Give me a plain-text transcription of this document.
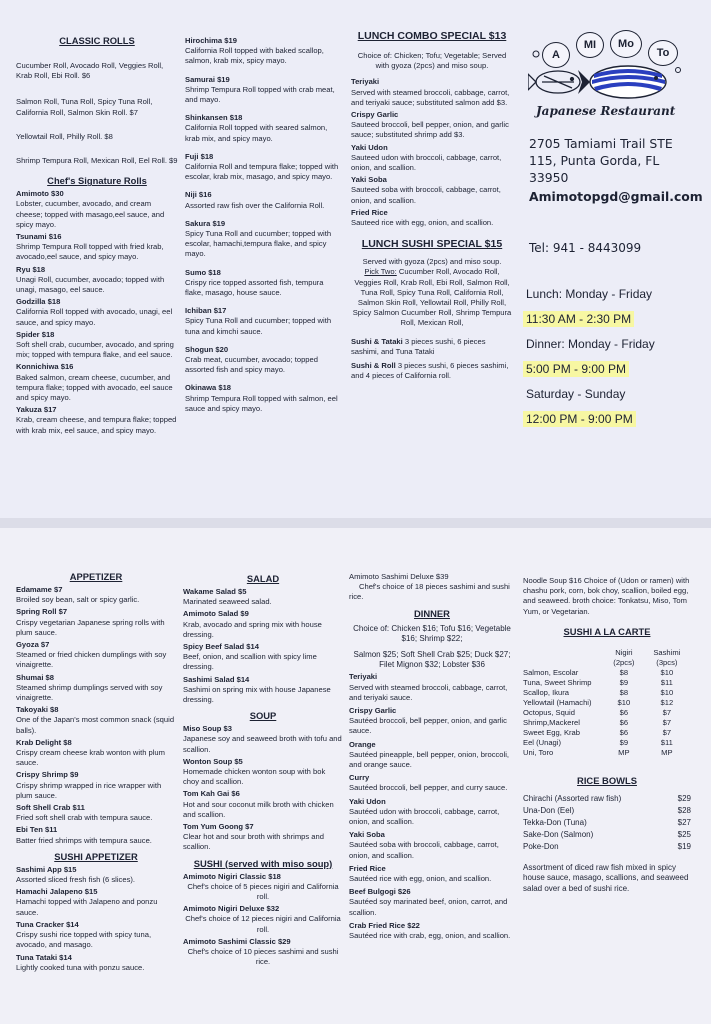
CLASSIC ROLLS

Cucumber Roll, Avocado Roll, Veggies Roll, Krab Roll, Ebi Roll. $6

Salmon Roll, Tuna Roll, Spicy Tuna Roll, California Roll, Salmon Skin Roll. $7

Yellowtail Roll, Philly Roll. $8

Shrimp Tempura Roll, Mexican Roll, Eel Roll. $9

Chef's Signature Rolls
Amimoto $30
Lobster, cucumber, avocado, and cream cheese; topped with masago,eel sauce, and spicy mayo.
Tsunami $16
Shrimp Tempura Roll topped with fried krab, avocado,eel sauce, and spicy mayo.
Ryu $18
Unagi Roll, cucumber, avocado; topped with unagi, masago, eel sauce.
Godzilla $18
California Roll topped with avocado, unagi, eel sauce, and spicy mayo.
Spider $18
Soft shell crab, cucumber, avocado, and spring mix; topped with tempura flake, and eel sauce.
Konnichiwa $16
Baked salmon, cream cheese, cucumber, and tempura flake; topped with avocado, eel sauce and spicy mayo.
Yakuza $17
Krab, cream cheese, and tempura flake; topped with krab mix, eel sauce, and spicy mayo.
Hirochima $19
California Roll topped with baked scallop, salmon, krab mix, spicy mayo.
Samurai $19
Shrimp Tempura Roll topped with crab meat, and mayo.
Shinkansen $18
California Roll topped with seared salmon, krab mix, and spicy mayo.
Fuji $18
California Roll and tempura flake; topped with escolar, krab mix, masago, and spicy mayo.
Niji $16
Assorted raw fish over the California Roll.
Sakura $19
Spicy Tuna Roll and cucumber; topped with escolar, hamachi,tempura flake, and spicy mayo.
Sumo $18
Crispy rice topped assorted fish, tempura flake, masago, house sauce.
Ichiban $17
Spicy Tuna Roll and cucumber; topped with tuna and kimchi sauce.
Shogun $20
Crab meat, cucumber, avocado; topped assorted fish and spicy mayo.
Okinawa $18
Shrimp Tempura Roll topped with salmon, eel sauce and spicy mayo.
LUNCH COMBO SPECIAL $13

Choice of: Chicken; Tofu; Vegetable; Served with gyoza (2pcs) and miso soup.

Teriyaki
Served with steamed broccoli, cabbage, carrot, and teriyaki sauce; substituted salmon add $3.
Crispy Garlic
Sauteed broccoli, bell pepper, onion, and garlic sauce; substituted shrimp add $3.
Yaki Udon
Sauteed udon with broccoli, cabbage, carrot, onion, and scallion.
Yaki Soba
Sauteed soba with broccoli, cabbage, carrot, onion, and scallion.
Fried Rice
Sauteed rice with egg, onion, and scallion.
LUNCH SUSHI SPECIAL $15

Served with gyoza (2pcs) and miso soup.

Pick Two: Cucumber Roll, Avocado Roll, Veggies Roll, Krab Roll, Ebi Roll, Salmon Roll, Tuna Roll, Spicy Tuna Roll, California Roll, Salmon Skin Roll, Yellowtail Roll, Philly Roll, Spicy Salmon Cucumber Roll, Shrimp Tempura Roll, Mexican Roll,

Sushi & Tataki 3 pieces sushi, 6 pieces sashimi, and Tuna Tataki

Sushi & Roll 3 pieces sushi, 6 pieces sashimi, and 4 pieces of California roll.

A
MI	Mo
To
Japanese Restaurant
2705 Tamiami Trail STE
115, Punta Gorda, FL
33950
Amimotopgd@gmail.com
Tel: 941 - 8443099
Lunch: Monday - Friday
11:30 AM - 2:30 PM
Dinner: Monday - Friday
5:00 PM - 9:00 PM
Saturday - Sunday
12:00 PM - 9:00 PM
APPETIZER
Edamame $7
Broiled soy bean, salt or spicy garlic.
Spring Roll $7
Crispy vegetarian Japanese spring rolls with plum sauce.
Gyoza $7
Steamed or fried chicken dumplings with soy vinaigrette.
Shumai $8
Steamed shrimp dumplings served with soy vinaigrette.
Takoyaki $8
One of the Japan's most common snack (squid balls).
Krab Delight $8
Crispy cream cheese krab wonton with plum sauce.
Crispy Shrimp $9
Crispy shrimp wrapped in rice wrapper with plum sauce.
Soft Shell Crab $11
Fried soft shell crab with tempura sauce.
Ebi Ten $11
Batter fried shrimps with tempura sauce.
SUSHI APPETIZER
Sashimi App $15
Assorted sliced fresh fish (6 slices).
Hamachi Jalapeno $15
Hamachi topped with Jalapeno and ponzu sauce.
Tuna Cracker $14
Crispy sushi rice topped with spicy tuna, avocado, and masago.
Tuna Tataki $14
Lightly cooked tuna with ponzu sauce.
SALAD
Wakame Salad $5
Marinated seaweed salad.
Amimoto Salad $9
Krab, avocado and spring mix with house dressing.
Spicy Beef Salad $14
Beef, onion, and scallion with spicy lime dressing.
Sashimi Salad $14
Sashimi on spring mix with house Japanese dressing.
SOUP
Miso Soup $3
Japanese soy and seaweed broth with tofu and scallion.
Wonton Soup $5
Homemade chicken wonton soup with bok choy and scallion.
Tom Kah Gai $6
Hot and sour coconut milk broth with chicken and scallion.
Tom Yum Goong $7
Clear hot and sour broth with shrimps and scallion.
SUSHI (served with miso soup)
Amimoto Nigiri Classic $18
Chef's choice of 5 pieces nigiri and California roll.
Amimoto Nigiri Deluxe $32
Chef's choice of 12 pieces nigiri and California roll.
Amimoto Sashimi Classic $29
Chef's choice of 10 pieces sashimi and sushi rice.

Amimoto Sashimi Deluxe $39

Chef's choice of 18 pieces sashimi and sushi rice.

DINNER

Choice of: Chicken $16; Tofu $16; Vegetable $16; Shrimp $22;

Salmon $25; Soft Shell Crab $25; Duck $27; Filet Mignon $32; Lobster $36

Teriyaki
Served with steamed broccoli, cabbage, carrot, and teriyaki sauce.
Crispy Garlic
Sautéed broccoli, bell pepper, onion, and garlic sauce.
Orange
Sautéed pineapple, bell pepper, onion, broccoli, and orange sauce.
Curry
Sautéed broccoli, bell pepper, and curry sauce.
Yaki Udon
Sautéed udon with broccoli, cabbage, carrot, onion, and scallion.
Yaki Soba
Sautéed soba with broccoli, cabbage, carrot, onion, and scallion.
Fried Rice
Sautéed rice with egg, onion, and scallion.
Beef Bulgogi $26
Sautéed soy marinated beef, onion, carrot, and scallion.
Crab Fried Rice $22
Sautéed rice with crab, egg, onion, and scallion.

Noodle Soup $16 Choice of (Udon or ramen) with chashu pork, corn, bok choy, scallion, boiled egg, and seaweed. broth choice: Tonkatsu, Miso, Tom Yum, or Vegetarian.

SUSHI A LA CARTE
	Nigiri	Sashimi
	(2pcs)	(3pcs)
Salmon, Escolar	$8	$10
Tuna, Sweet Shrimp	$9	$11
Scallop, Ikura	$8	$10
Yellowtail (Hamachi)	$10	$12
Octopus, Squid	$6	$7
Shrimp,Mackerel	$6	$7
Sweet Egg, Krab	$6	$7
Eel (Unagi)	$9	$11
Uni, Toro	MP	MP
RICE BOWLS
Chirachi (Assorted raw fish)	$29
Una-Don (Eel)	$28
Tekka-Don (Tuna)	$27
Sake-Don (Salmon)	$25
Poke-Don	$19

Assortment of diced raw fish mixed in spicy house sauce, masago, scallions, and seaweed salad over a bed of sushi rice.
